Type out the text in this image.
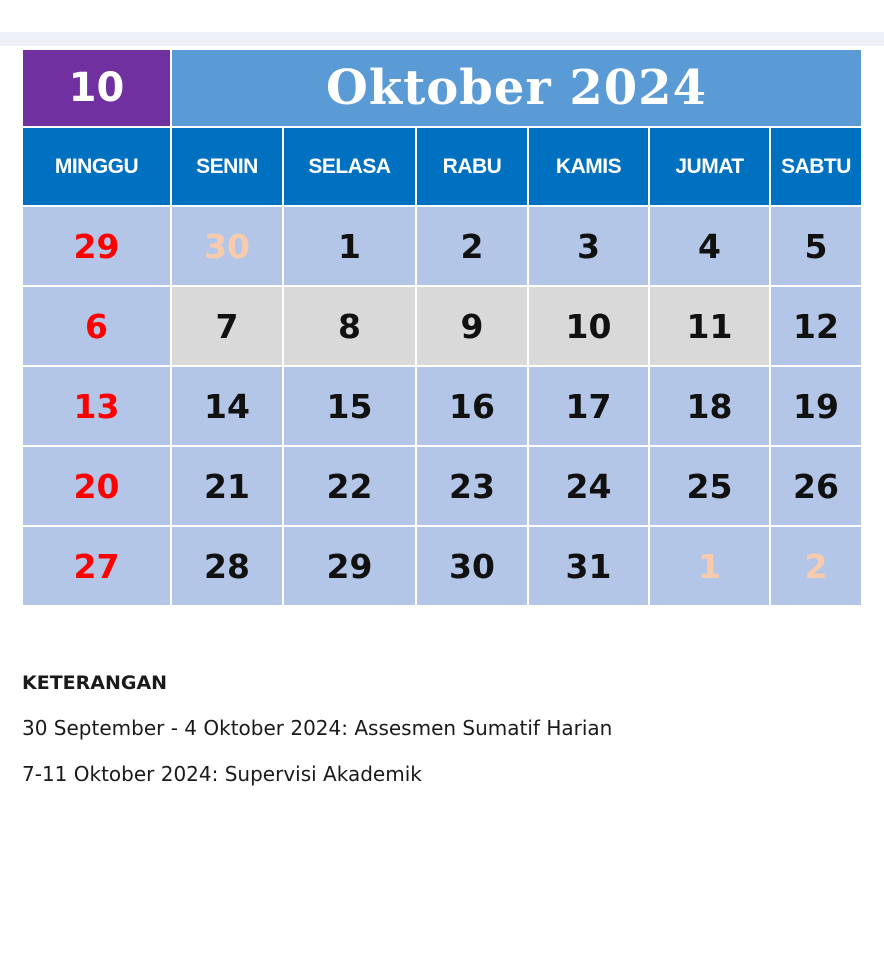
10	Oktober 2024					
MINGGU	SENIN	SELASA	RABU	KAMIS	JUMAT	SABTU
29	30	1	2	3	4	5
6	7	8	9	10	11	12
13	14	15	16	17	18	19
20	21	22	23	24	25	26
27	28	29	30	31	1	2
KETERANGAN
30 September - 4 Oktober 2024: Assesmen Sumatif Harian
7-11 Oktober 2024: Supervisi Akademik
